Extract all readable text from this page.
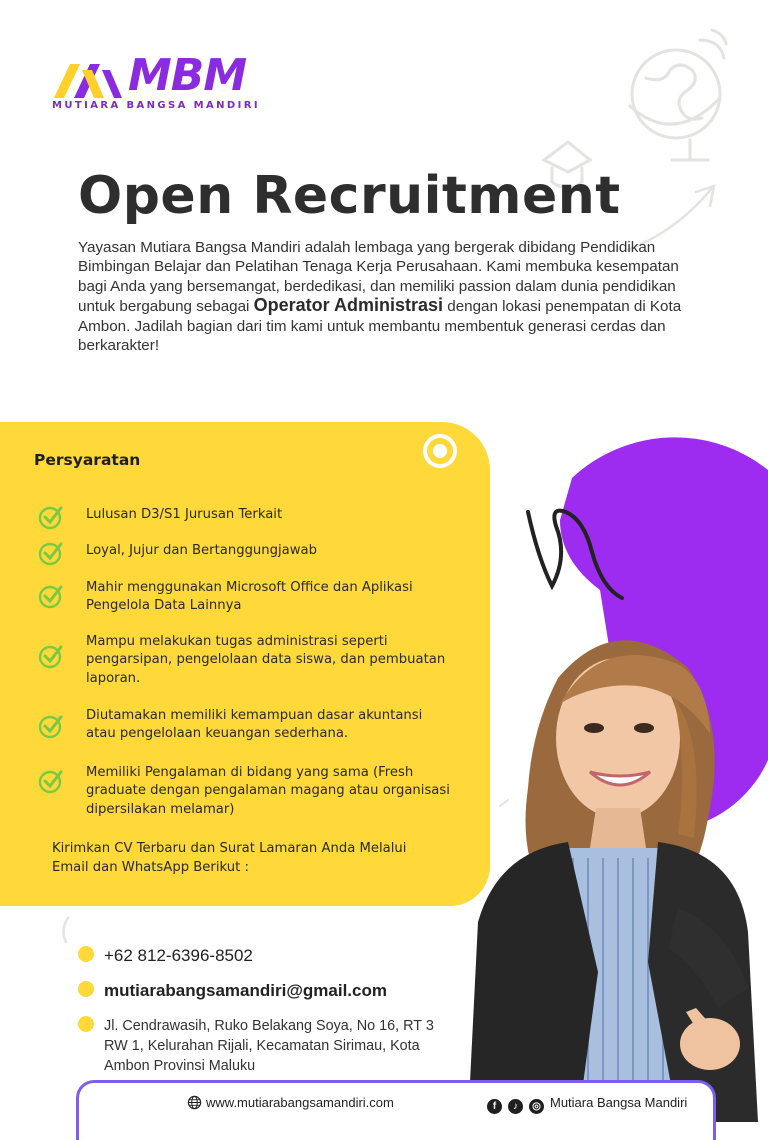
MBM
MUTIARA BANGSA MANDIRI
Open Recruitment
Yayasan Mutiara Bangsa Mandiri adalah lembaga yang bergerak dibidang Pendidikan Bimbingan Belajar dan Pelatihan Tenaga Kerja Perusahaan. Kami membuka kesempatan bagi Anda yang bersemangat, berdedikasi, dan memiliki passion dalam dunia pendidikan untuk bergabung sebagai Operator Administrasi dengan lokasi penempatan di Kota Ambon. Jadilah bagian dari tim kami untuk membantu membentuk generasi cerdas dan berkarakter!
Persyaratan
Lulusan D3/S1 Jurusan Terkait
Loyal, Jujur dan Bertanggungjawab
Mahir menggunakan Microsoft Office dan Aplikasi Pengelola Data Lainnya
Mampu melakukan tugas administrasi seperti pengarsipan, pengelolaan data siswa, dan pembuatan laporan.
Diutamakan memiliki kemampuan dasar akuntansi atau pengelolaan keuangan sederhana.
Memiliki Pengalaman di bidang yang sama (Fresh graduate dengan pengalaman magang atau organisasi dipersilakan melamar)
Kirimkan CV Terbaru dan Surat Lamaran Anda Melalui Email dan WhatsApp Berikut :
+62 812-6396-8502
mutiarabangsamandiri@gmail.com
Jl. Cendrawasih, Ruko Belakang Soya, No 16, RT 3 RW 1, Kelurahan Rijali, Kecamatan Sirimau, Kota Ambon Provinsi Maluku
www.mutiarabangsamandiri.com	f ♪ ◎ Mutiara Bangsa Mandiri
